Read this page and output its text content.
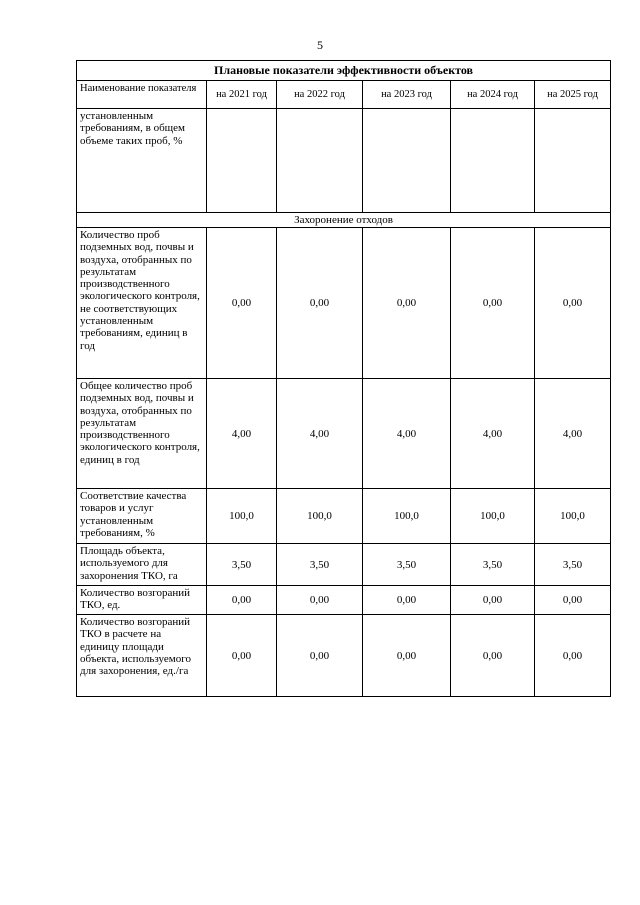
5
Плановые показатели эффективности объектов					
Наименование показателя	на 2021 год	на 2022 год	на 2023 год	на 2024 год	на 2025 год
установленным требованиям, в общем объеме таких проб, %					
Захоронение отходов					
Количество проб подземных вод, почвы и воздуха, отобранных по результатам производственного экологического контроля, не соответствующих установленным требованиям, единиц в год	0,00	0,00	0,00	0,00	0,00
Общее количество проб подземных вод, почвы и воздуха, отобранных по результатам производственного экологического контроля, единиц в год	4,00	4,00	4,00	4,00	4,00
Соответствие качества товаров и услуг установленным требованиям, %	100,0	100,0	100,0	100,0	100,0
Площадь объекта, используемого для захоронения ТКО, га	3,50	3,50	3,50	3,50	3,50
Количество возгораний ТКО, ед.	0,00	0,00	0,00	0,00	0,00
Количество возгораний ТКО в расчете на единицу площади объекта, используемого для захоронения, ед./га	0,00	0,00	0,00	0,00	0,00
